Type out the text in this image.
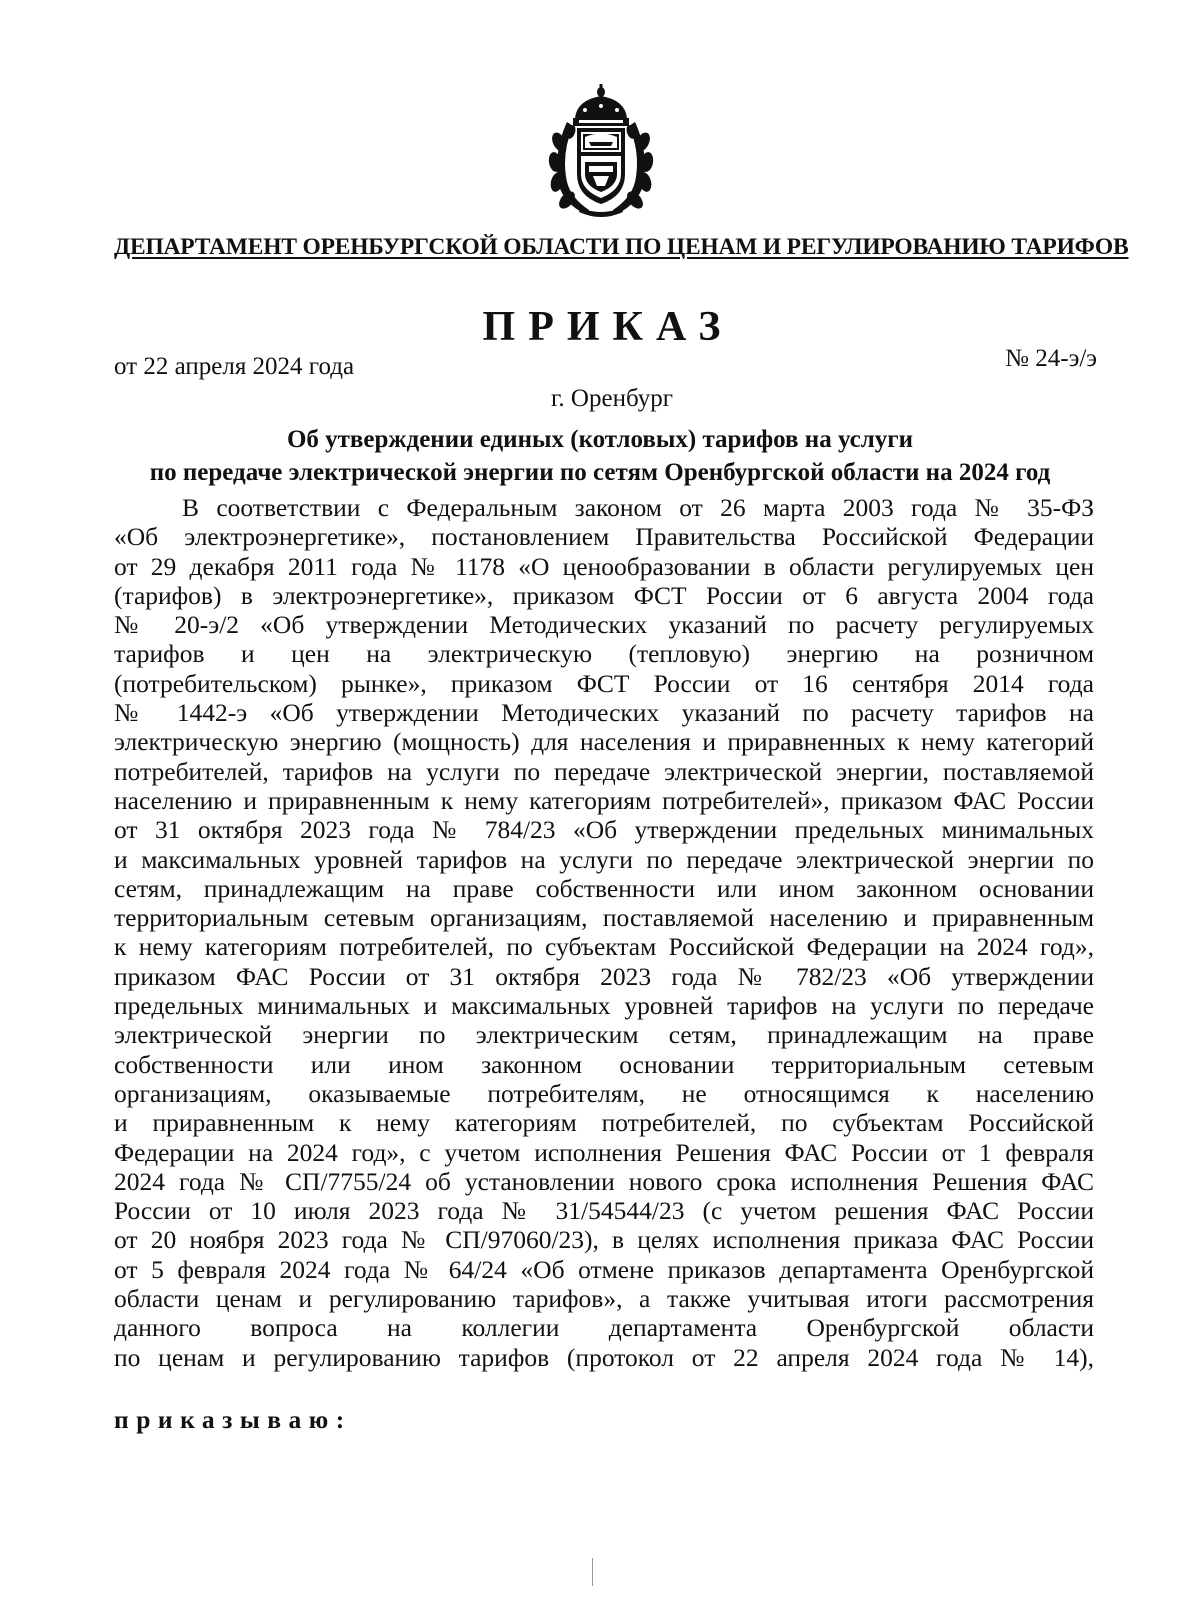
ДЕПАРТАМЕНТ ОРЕНБУРГСКОЙ ОБЛАСТИ ПО ЦЕНАМ И РЕГУЛИРОВАНИЮ ТАРИФОВ
ПРИКАЗ
от 22 апреля 2024 года	№ 24-э/э
г. Оренбург
Об утверждении единых (котловых) тарифов на услуги
по передаче электрической энергии по сетям Оренбургской области на 2024 год
В соответствии с Федеральным законом от 26 марта 2003 года № 35-ФЗ
«Об электроэнергетике», постановлением Правительства Российской Федерации
от 29 декабря 2011 года № 1178 «О ценообразовании в области регулируемых цен
(тарифов) в электроэнергетике», приказом ФСТ России от 6 августа 2004 года
№ 20-э/2 «Об утверждении Методических указаний по расчету регулируемых
тарифов и цен на электрическую (тепловую) энергию на розничном
(потребительском) рынке», приказом ФСТ России от 16 сентября 2014 года
№ 1442-э «Об утверждении Методических указаний по расчету тарифов на
электрическую энергию (мощность) для населения и приравненных к нему категорий
потребителей, тарифов на услуги по передаче электрической энергии, поставляемой
населению и приравненным к нему категориям потребителей», приказом ФАС России
от 31 октября 2023 года № 784/23 «Об утверждении предельных минимальных
и максимальных уровней тарифов на услуги по передаче электрической энергии по
сетям, принадлежащим на праве собственности или ином законном основании
территориальным сетевым организациям, поставляемой населению и приравненным
к нему категориям потребителей, по субъектам Российской Федерации на 2024 год»,
приказом ФАС России от 31 октября 2023 года № 782/23 «Об утверждении
предельных минимальных и максимальных уровней тарифов на услуги по передаче
электрической энергии по электрическим сетям, принадлежащим на праве
собственности или ином законном основании территориальным сетевым
организациям, оказываемые потребителям, не относящимся к населению
и приравненным к нему категориям потребителей, по субъектам Российской
Федерации на 2024 год», с учетом исполнения Решения ФАС России от 1 февраля
2024 года № СП/7755/24 об установлении нового срока исполнения Решения ФАС
России от 10 июля 2023 года № 31/54544/23 (с учетом решения ФАС России
от 20 ноября 2023 года № СП/97060/23), в целях исполнения приказа ФАС России
от 5 февраля 2024 года № 64/24 «Об отмене приказов департамента Оренбургской
области ценам и регулированию тарифов», а также учитывая итоги рассмотрения
данного вопроса на коллегии департамента Оренбургской области
по ценам и регулированию тарифов (протокол от 22 апреля 2024 года № 14),
приказываю:
